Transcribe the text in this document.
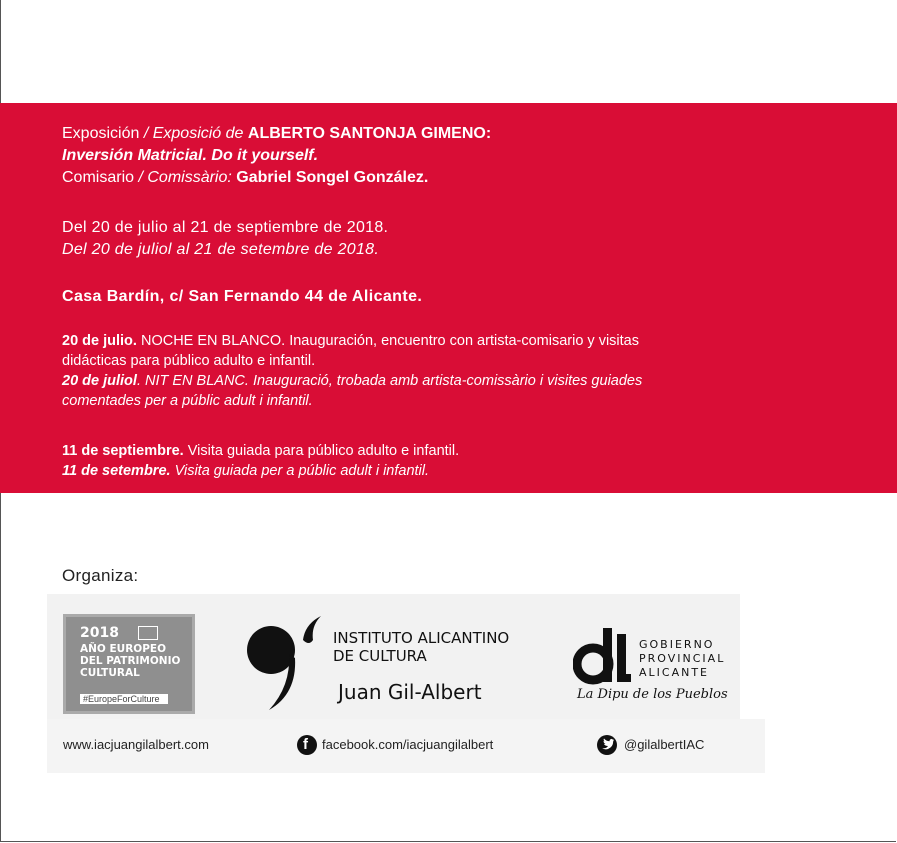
Exposición / Exposició de ALBERTO SANTONJA GIMENO:
Inversión Matricial. Do it yourself.
Comisario / Comissàrio: Gabriel Songel González.
Del 20 de julio al 21 de septiembre de 2018.
Del 20 de juliol al 21 de setembre de 2018.
Casa Bardín, c/ San Fernando 44 de Alicante.
20 de julio. NOCHE EN BLANCO. Inauguración, encuentro con artista-comisario y visitas
didácticas para público adulto e infantil.
20 de juliol. NIT EN BLANC. Inauguració, trobada amb artista-comissàrio i visites guiades
comentades per a públic adult i infantil.
11 de septiembre. Visita guiada para público adulto e infantil.
11 de setembre. Visita guiada per a públic adult i infantil.
Organiza:
2018
AÑO EUROPEO
DEL PATRIMONIO
CULTURAL
#EuropeForCulture
INSTITUTO ALICANTINO
DE CULTURA
Juan Gil-Albert
GOBIERNO
PROVINCIAL
ALICANTE
La Dipu de los Pueblos
www.iacjuangilalbert.com	f facebook.com/iacjuangilalbert	@gilalbertIAC
